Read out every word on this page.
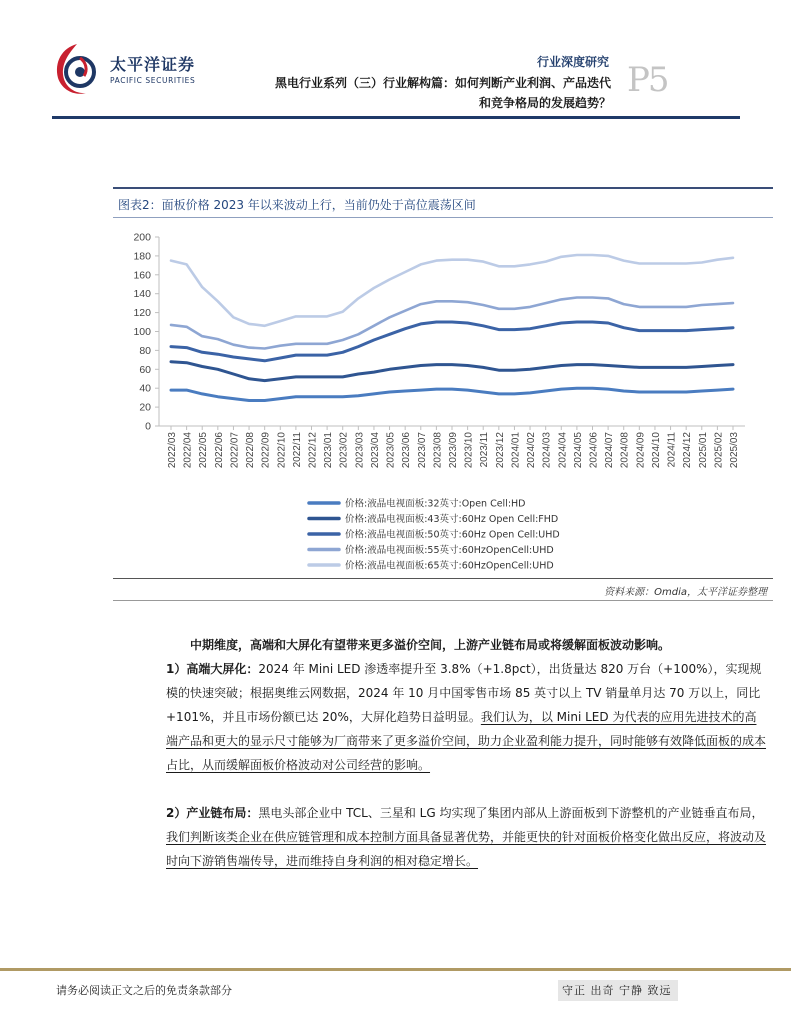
太平洋证券
PACIFIC SECURITIES
行业深度研究 P5
黑电行业系列（三）行业解构篇：如何判断产业利润、产品迭代
和竞争格局的发展趋势？
图表2：面板价格 2023 年以来波动上行，当前仍处于高位震荡区间
0
20
40
60
80
100
120
140
160
180
200
2022/03 2022/04 2022/05 2022/06 2022/07 2022/08 2022/09 2022/10 2022/11 2022/12 2023/01 2023/02 2023/03 2023/04 2023/05 2023/06 2023/07 2023/08 2023/09 2023/10 2023/11 2023/12 2024/01 2024/02 2024/03 2024/04 2024/05 2024/06 2024/07 2024/08 2024/09 2024/10 2024/11 2024/12 2025/01 2025/02 2025/03
价格:液晶电视面板:32英寸:Open Cell:HD
价格:液晶电视面板:43英寸:60Hz Open Cell:FHD
价格:液晶电视面板:50英寸:60Hz Open Cell:UHD
价格:液晶电视面板:55英寸:60HzOpenCell:UHD
价格:液晶电视面板:65英寸:60HzOpenCell:UHD
资料来源：Omdia，太平洋证券整理
中期维度，高端和大屏化有望带来更多溢价空间，上游产业链布局或将缓解面板波动影响。
1）高端大屏化：2024 年 Mini LED 渗透率提升至 3.8%（+1.8pct），出货量达 820 万台（+100%），实现规模的快速突破；根据奥维云网数据，2024 年 10 月中国零售市场 85 英寸以上 TV 销量单月达 70 万以上，同比+101%，并且市场份额已达 20%，大屏化趋势日益明显。我们认为，以 Mini LED 为代表的应用先进技术的高端产品和更大的显示尺寸能够为厂商带来了更多溢价空间，助力企业盈利能力提升，同时能够有效降低面板的成本占比，从而缓解面板价格波动对公司经营的影响。
2）产业链布局：黑电头部企业中 TCL、三星和 LG 均实现了集团内部从上游面板到下游整机的产业链垂直布局，我们判断该类企业在供应链管理和成本控制方面具备显著优势，并能更快的针对面板价格变化做出反应，将波动及时向下游销售端传导，进而维持自身利润的相对稳定增长。
请务必阅读正文之后的免责条款部分	守正 出奇 宁静 致远
